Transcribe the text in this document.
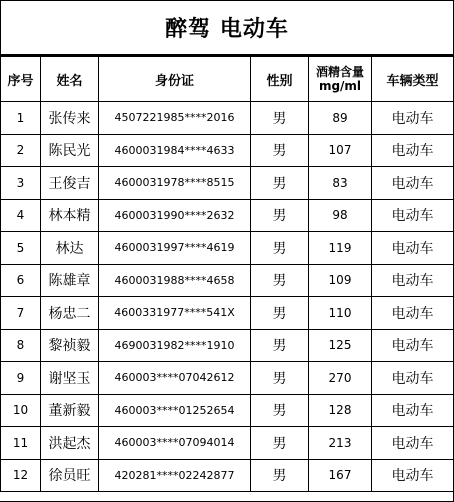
醉驾 电动车
序号	姓名	身份证	性别	酒精含量mg/ml	车辆类型
1	张传来	4507221985****2016	男	89	电动车
2	陈民光	4600031984****4633	男	107	电动车
3	王俊吉	4600031978****8515	男	83	电动车
4	林本精	4600031990****2632	男	98	电动车
5	林达	4600031997****4619	男	119	电动车
6	陈雄章	4600031988****4658	男	109	电动车
7	杨忠二	4600331977****541X	男	110	电动车
8	黎祯毅	4690031982****1910	男	125	电动车
9	谢坚玉	460003****07042612	男	270	电动车
10	董新毅	460003****01252654	男	128	电动车
11	洪起杰	460003****07094014	男	213	电动车
12	徐员旺	420281****02242877	男	167	电动车
